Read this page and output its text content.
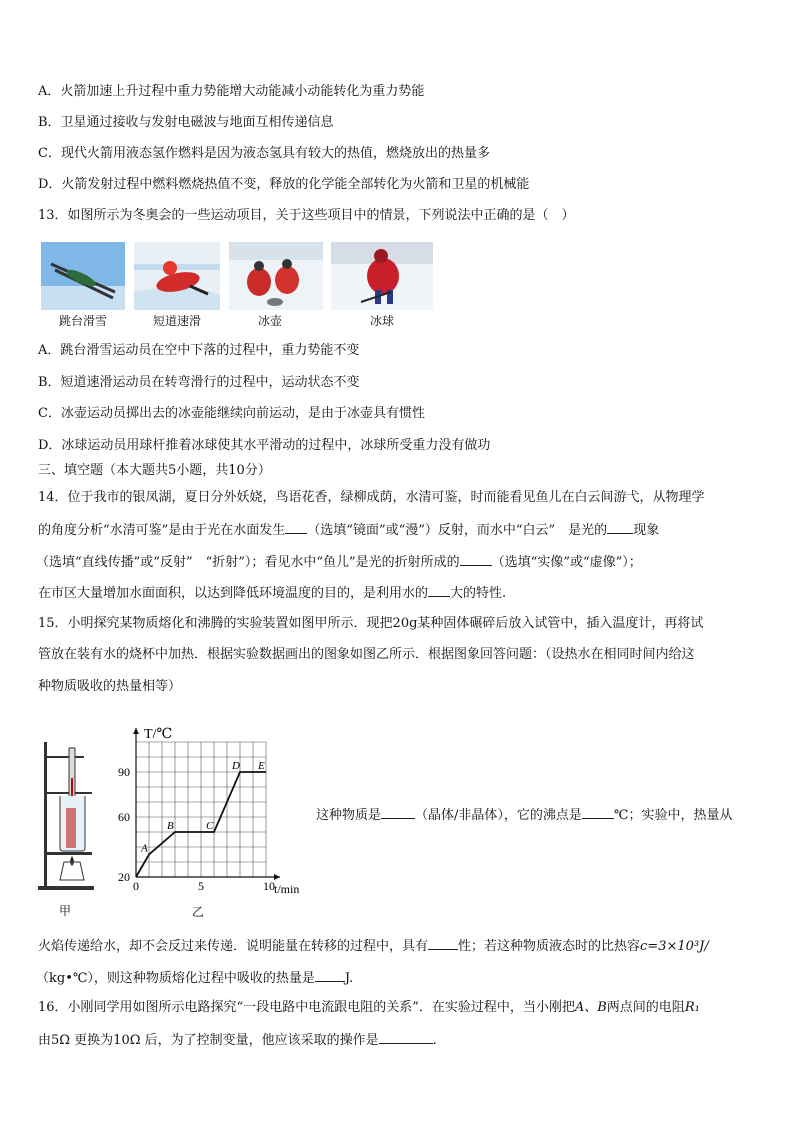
A．火箭加速上升过程中重力势能增大动能减小动能转化为重力势能
B．卫星通过接收与发射电磁波与地面互相传递信息
C．现代火箭用液态氢作燃料是因为液态氢具有较大的热值，燃烧放出的热量多
D．火箭发射过程中燃料燃烧热值不变，释放的化学能全部转化为火箭和卫星的机械能
13．如图所示为冬奥会的一些运动项目，关于这些项目中的情景，下列说法中正确的是（　）
跳台滑雪	短道速滑	冰壶	冰球
A．跳台滑雪运动员在空中下落的过程中，重力势能不变
B．短道速滑运动员在转弯滑行的过程中，运动状态不变
C．冰壶运动员掷出去的冰壶能继续向前运动，是由于冰壶具有惯性
D．冰球运动员用球杆推着冰球使其水平滑动的过程中，冰球所受重力没有做功
三、填空题（本大题共5小题，共10分）
14．位于我市的银凤湖，夏日分外妖娆，鸟语花香，绿柳成荫，水清可鉴，时而能看见鱼儿在白云间游弋，从物理学
的角度分析“水清可鉴”是由于光在水面发生 （选填“镜面”或“漫”）反射，而水中“白云”　是光的 现象
（选填“直线传播”或“反射”　“折射”）；看见水中“鱼儿”是光的折射所成的 （选填“实像”或“虚像”）；
在市区大量增加水面面积，以达到降低环境温度的目的，是利用水的 大的特性.
15．小明探究某物质熔化和沸腾的实验装置如图甲所示．现把20g某种固体碾碎后放入试管中，插入温度计，再将试
管放在装有水的烧杯中加热．根据实验数据画出的图象如图乙所示．根据图象回答问题：（设热水在相同时间内给这
种物质吸收的热量相等）
甲
T/℃
t/min
20
60
90
0	5	10
A
B	C
D E
乙
这种物质是	（晶体/非晶体），它的沸点是 ℃；实验中，热量从
火焰传递给水，却不会反过来传递．说明能量在转移的过程中，具有 性；若这种物质液态时的比热容c=3×10³J/
（kg•℃），则这种物质熔化过程中吸收的热量是 J.
16．小刚同学用如图所示电路探究“一段电路中电流跟电阻的关系”．在实验过程中，当小刚把A、B两点间的电阻R₁
由5Ω 更换为10Ω 后，为了控制变量，他应该采取的操作是	.
